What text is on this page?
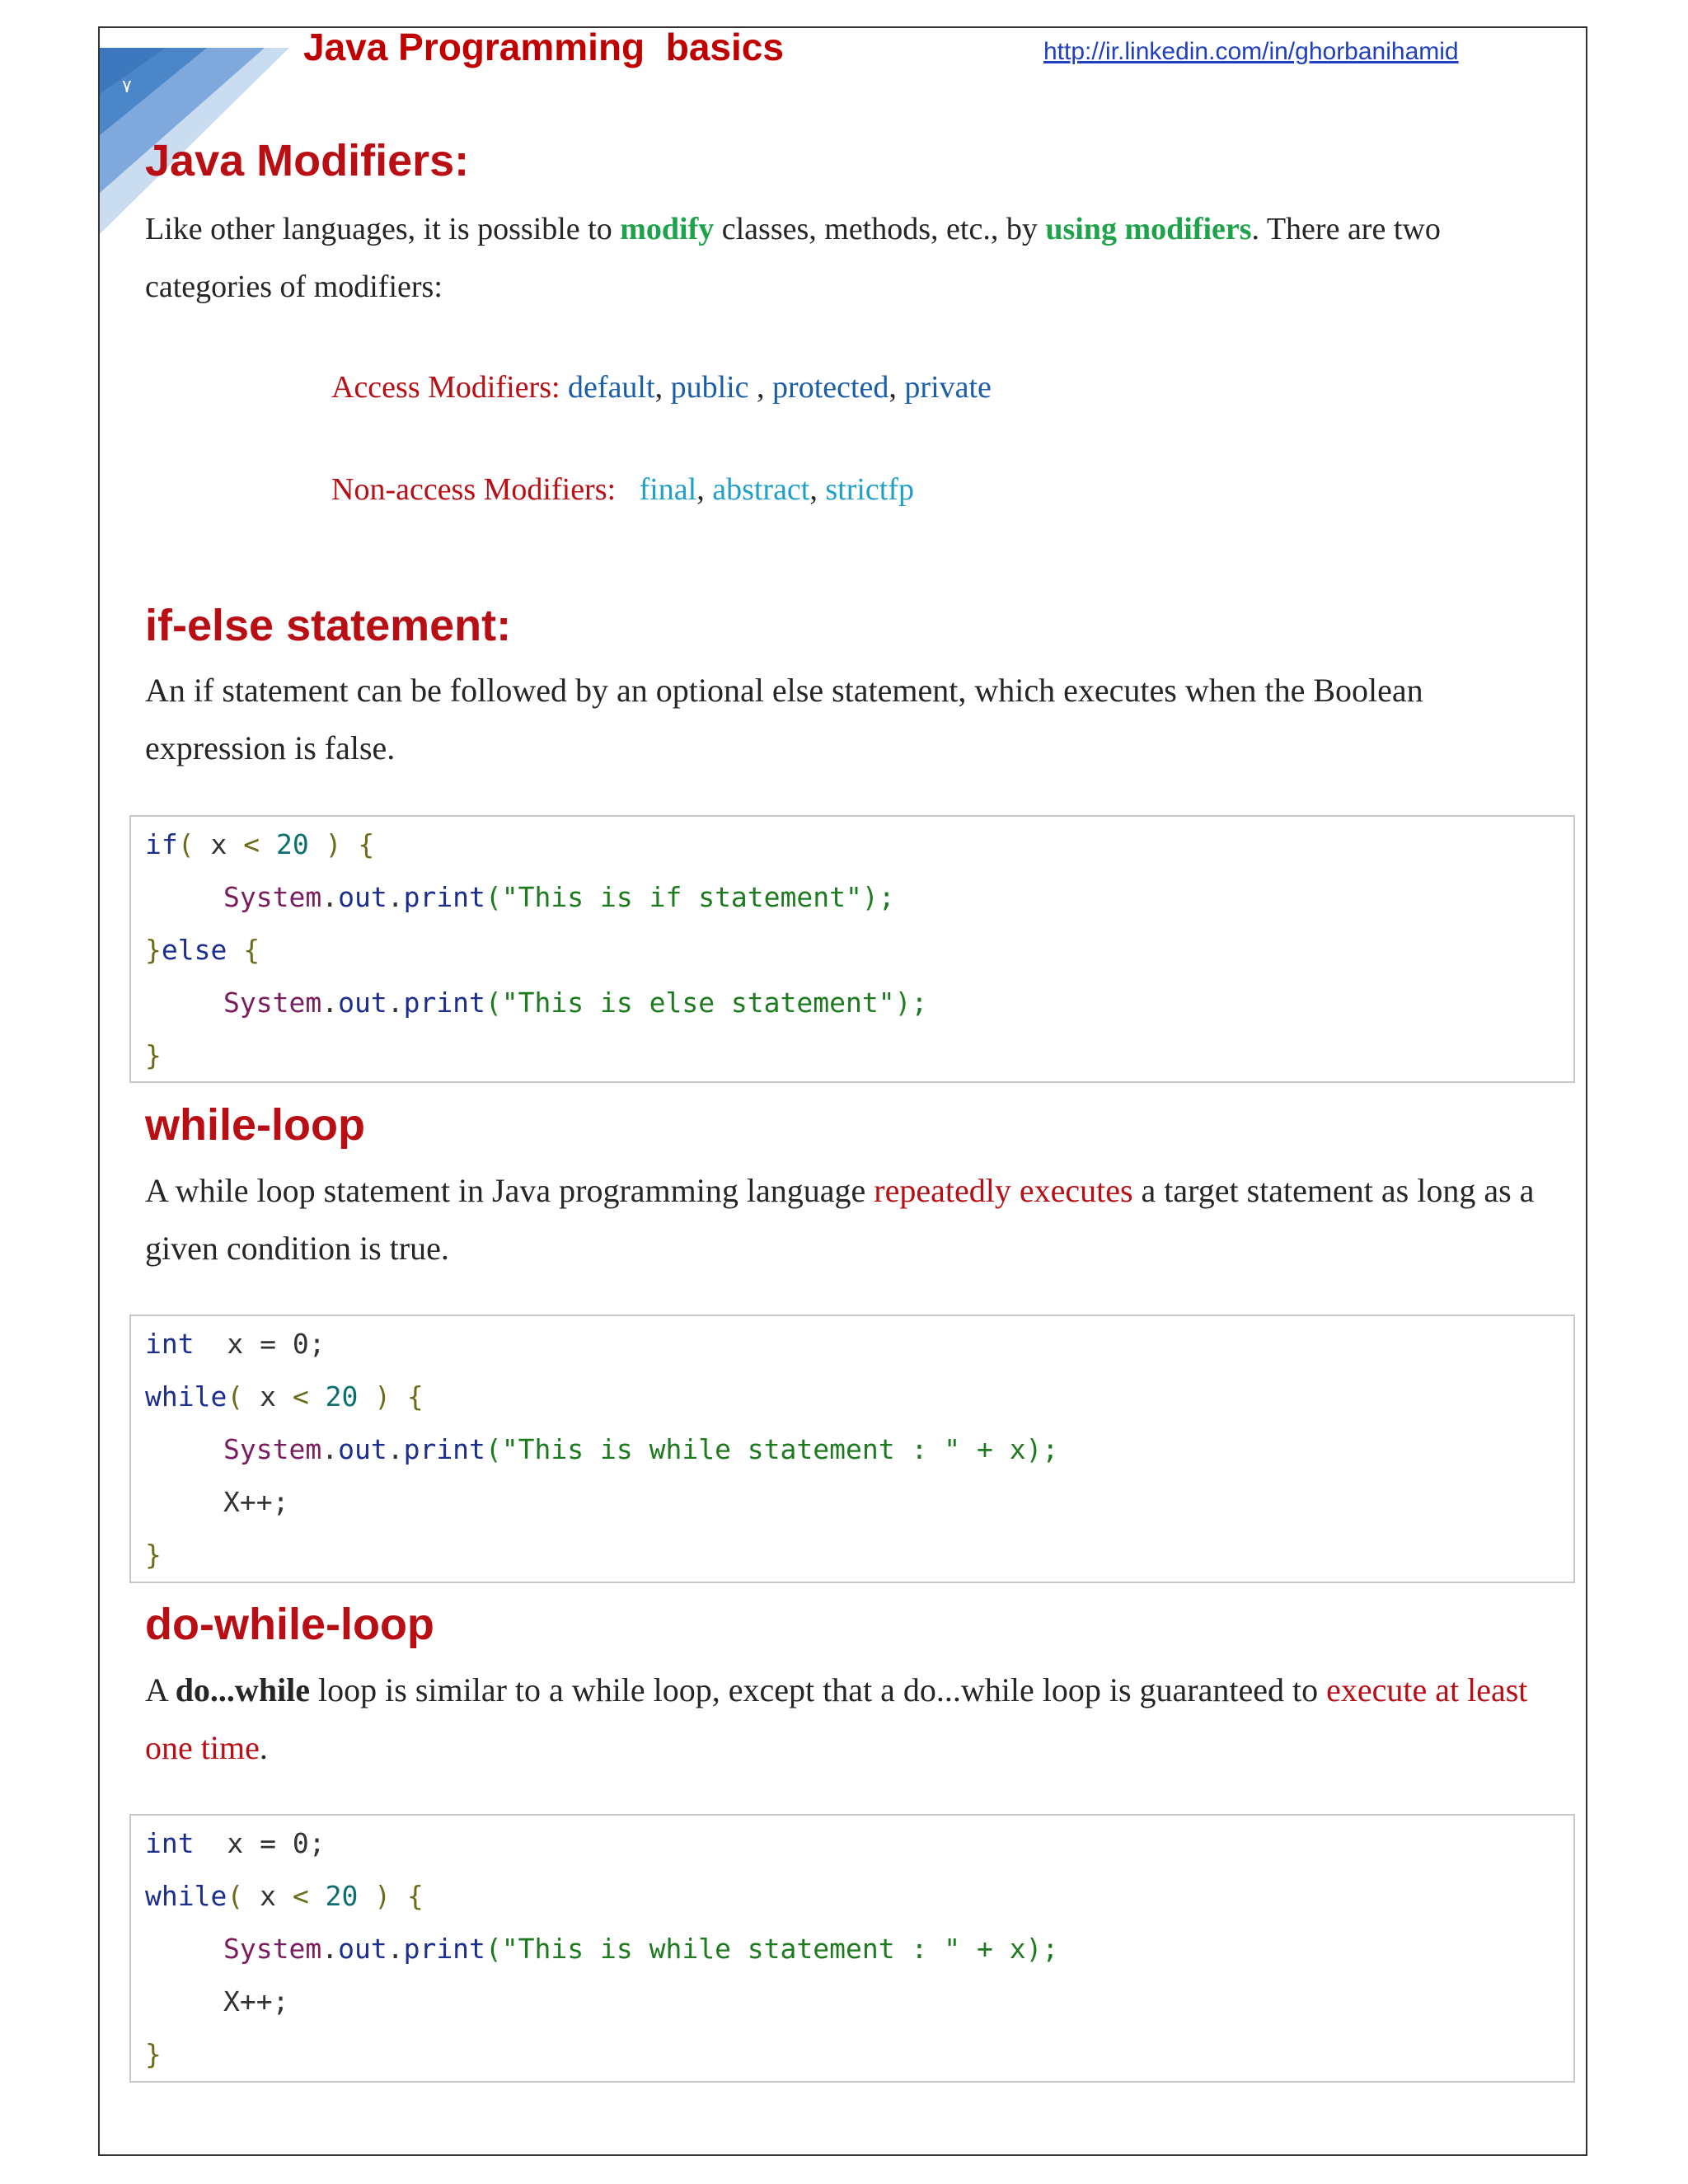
۷
Java Programming  basics	http://ir.linkedin.com/in/ghorbanihamid
Java Modifiers:

Like other languages, it is possible to modify classes, methods, etc., by using modifiers. There are two categories of modifiers:

Access Modifiers: default, public , protected, private
Non-access Modifiers: final, abstract, strictfp
if-else statement:

An if statement can be followed by an optional else statement, which executes when the Boolean expression is false.

if( x < 20 ) {
System.out.print("This is if statement");
}else {
System.out.print("This is else statement");
}
while-loop

A while loop statement in Java programming language repeatedly executes a target statement as long as a given condition is true.

int  x = 0;
while( x < 20 ) {
System.out.print("This is while statement : " + x);
X++;
}
do-while-loop

A do...while loop is similar to a while loop, except that a do...while loop is guaranteed to execute at least one time.

int  x = 0;
while( x < 20 ) {
System.out.print("This is while statement : " + x);
X++;
}
